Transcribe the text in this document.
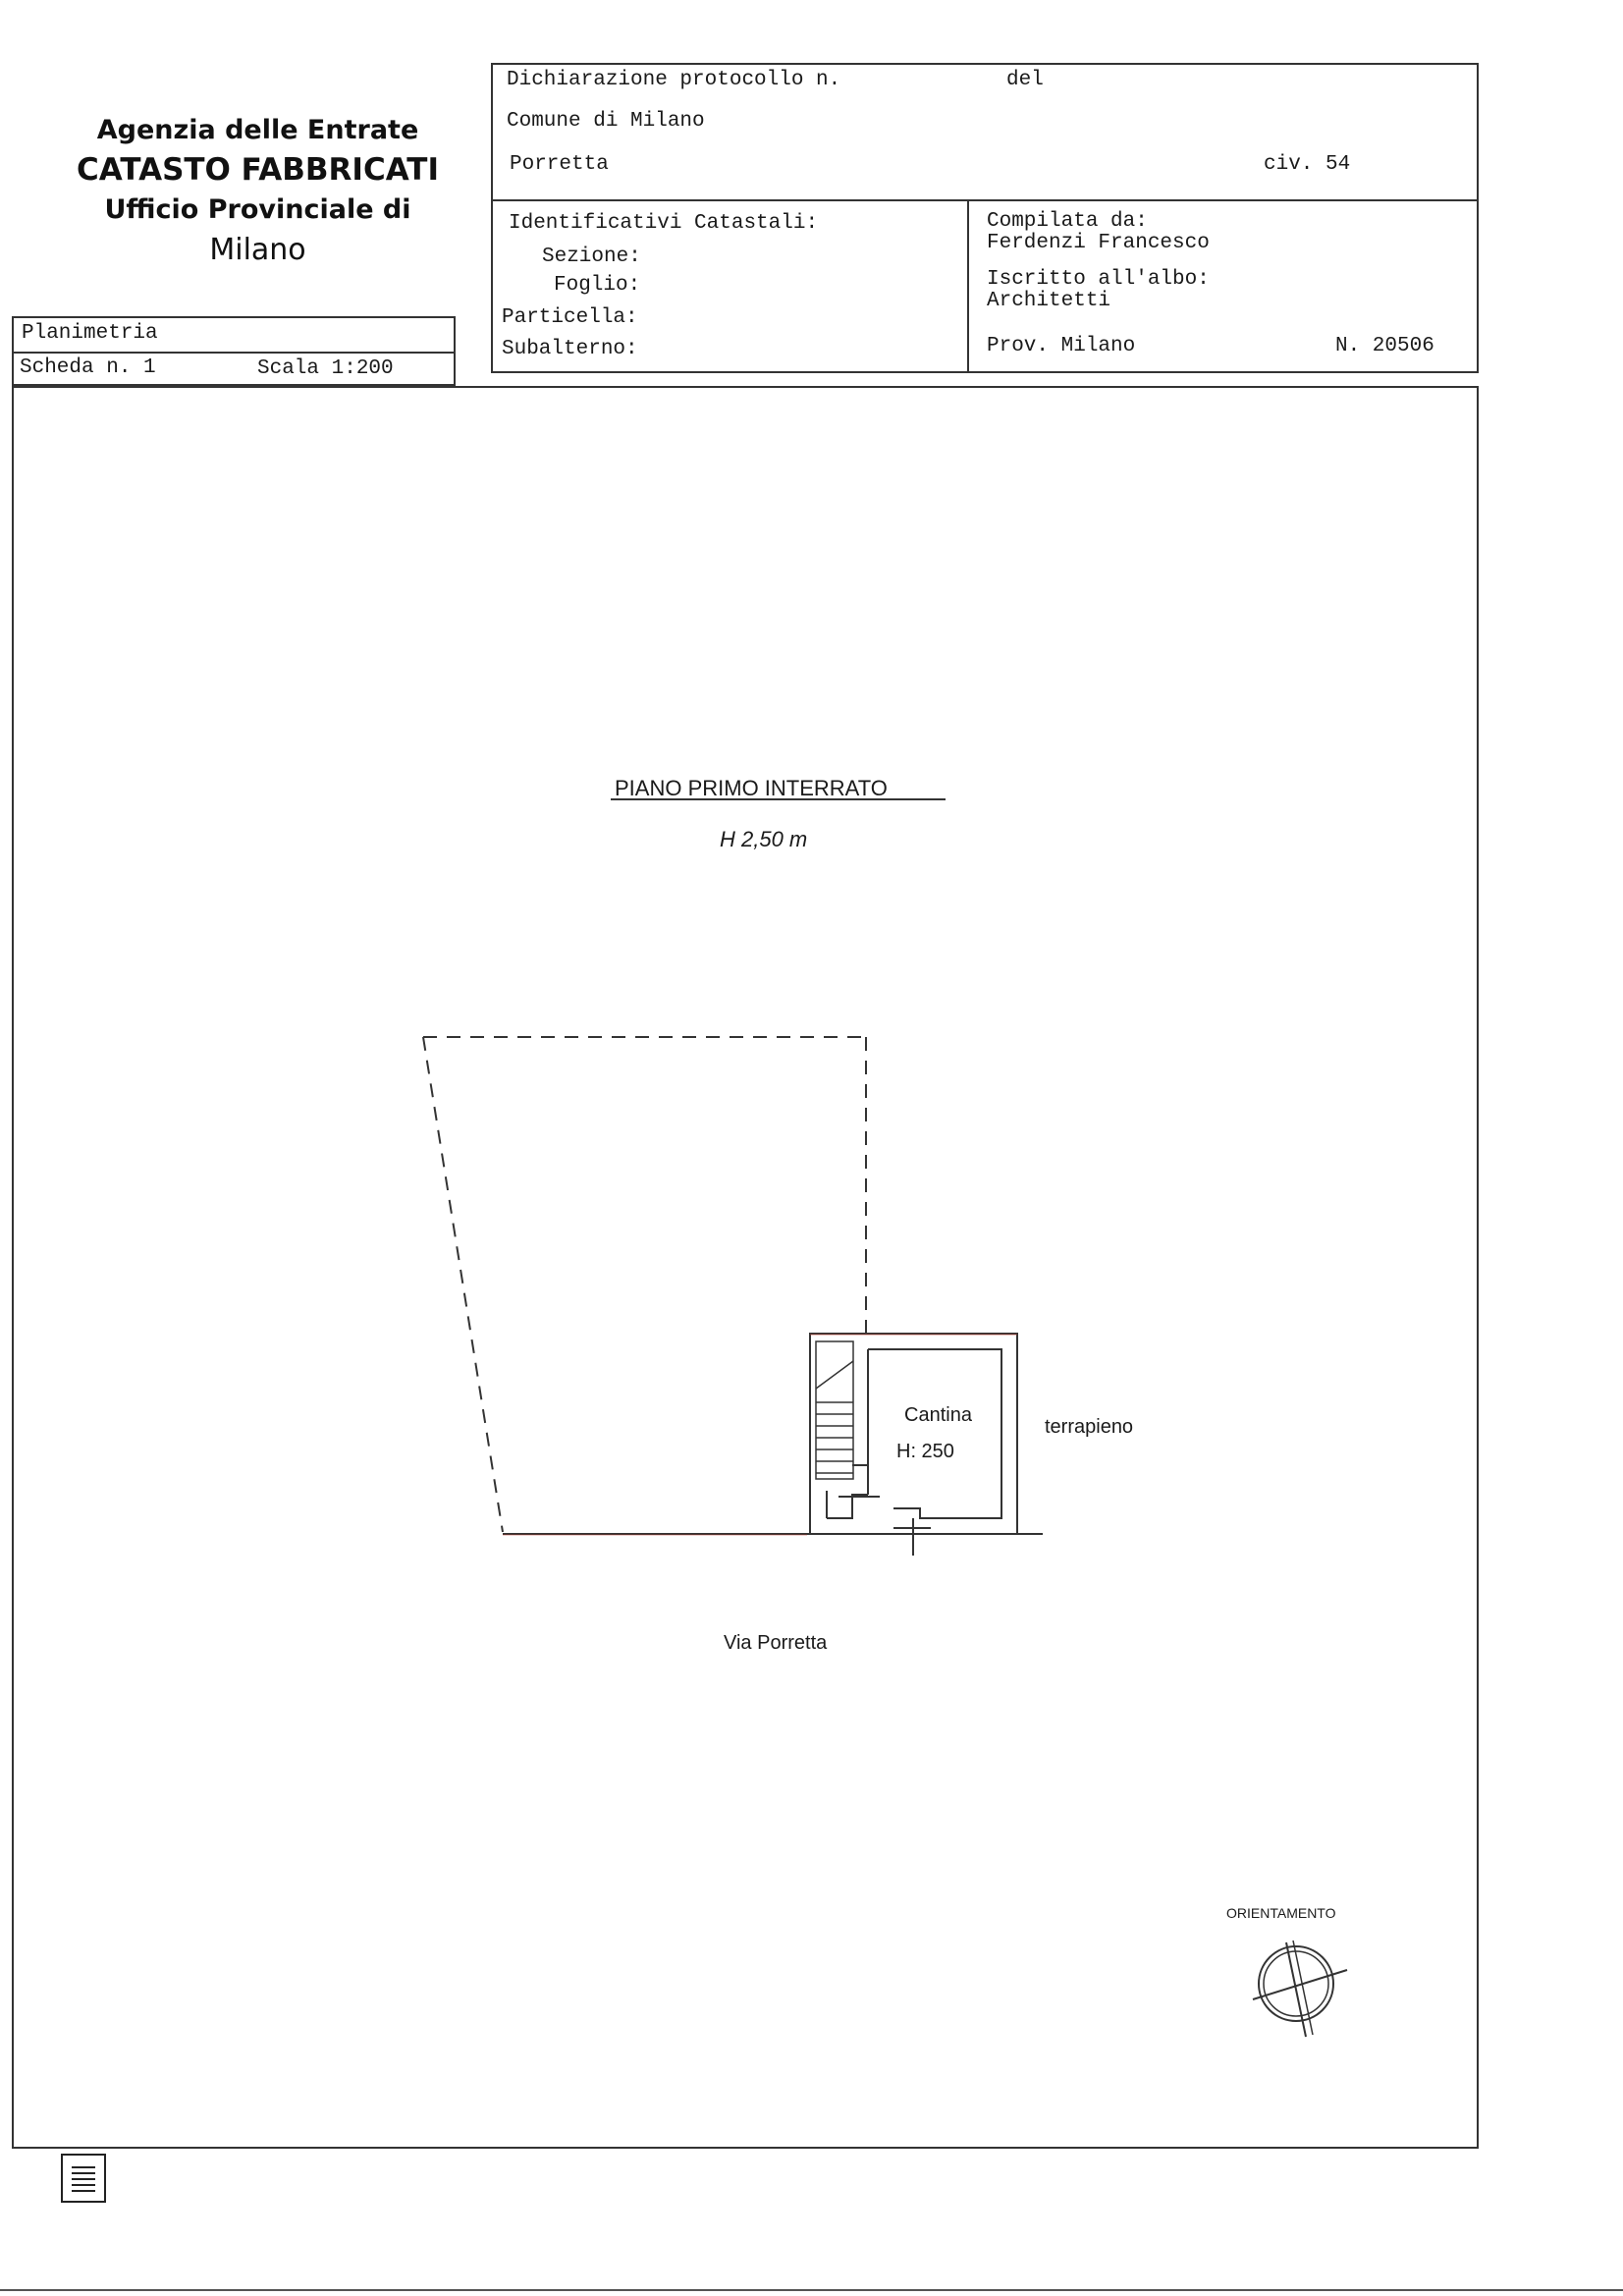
Agenzia delle Entrate
CATASTO FABBRICATI
Ufficio Provinciale di
Milano
Planimetria
Scheda n. 1	Scala 1:200
Dichiarazione protocollo n.	del
Comune di Milano
Porretta	civ. 54
Identificativi Catastali:
Sezione:
Foglio:
Particella:
Subalterno:
Compilata da:
Ferdenzi Francesco
Iscritto all'albo:
Architetti
Prov. Milano	N. 20506
PIANO PRIMO INTERRATO
H 2,50 m
Cantina
H: 250
terrapieno
Via Porretta
ORIENTAMENTO
